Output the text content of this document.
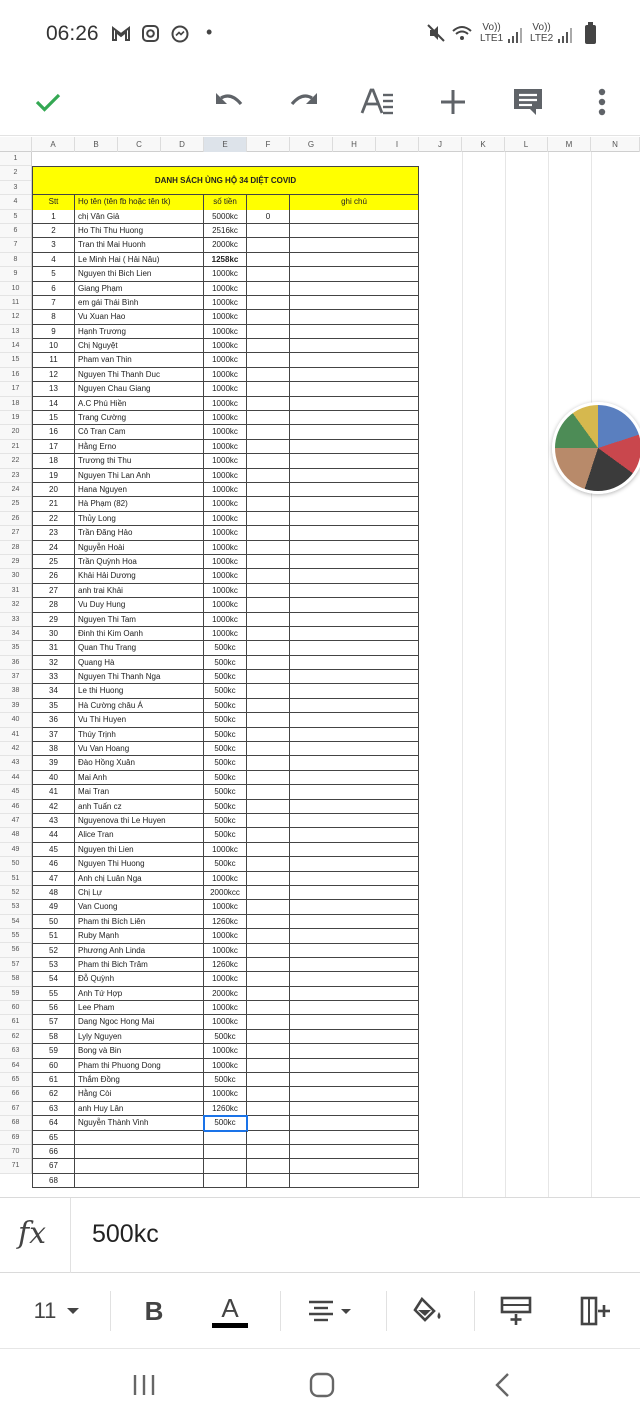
06:26	•	Vo))
LTE1
Vo))
LTE2
A	B	C	D	E	F	G	H	I	J	K	L	M	N
1
2
3
4
5
6
7
8
9
10
11
12
13
14
15
16
17
18
19
20
21
22
23
24
25
26
27
28
29
30
31
32
33
34
35
36
37
38
39
40
41
42
43
44
45
46
47
48
49
50
51
52
53
54
55
56
57
58
59
60
61
62
63
64
65
66
67
68
69
70
71
DANH SÁCH ỦNG HỘ 34 DIỆT COVID
Stt	Họ tên (tên fb hoặc tên tk)	số tiền	ghi chú
1	chị Vân Giả	5000kc	0
2	Ho Thi Thu Huong	2516kc
3	Tran thi Mai Huonh	2000kc
4	Le Minh Hai ( Hải Nâu)	1258kc
5	Nguyen thi Bich Lien	1000kc
6	Giang Phạm	1000kc
7	em gái Thái Bình	1000kc
8	Vu Xuan Hao	1000kc
9	Hạnh Trương	1000kc
10	Chị Nguyệt	1000kc
11	Pham van Thin	1000kc
12	Nguyen Thi Thanh Duc	1000kc
13	Nguyen Chau Giang	1000kc
14	A.C Phú Hiền	1000kc
15	Trang Cường	1000kc
16	Cô Tran Cam	1000kc
17	Hằng Ernо	1000kc
18	Trương thi Thu	1000kc
19	Nguyen Thi Lan Anh	1000kc
20	Hana Nguyen	1000kc
21	Hà Phạm (82)	1000kc
22	Thủy Long	1000kc
23	Trần Đăng Hảo	1000kc
24	Nguyễn Hoài	1000kc
25	Trần Quỳnh Hoa	1000kc
26	Khải Hải Dương	1000kc
27	anh trai Khải	1000kc
28	Vu Duy Hung	1000kc
29	Nguyen Thi Tam	1000kc
30	Đinh thi Kim Oanh	1000kc
31	Quan Thu Trang	500kc
32	Quang Hà	500kc
33	Nguyen Thi Thanh Nga	500kc
34	Le thi Huong	500kc
35	Hà Cường châu Á	500kc
36	Vu Thi Huyen	500kc
37	Thúy Trịnh	500kc
38	Vu Van Hoang	500kc
39	Đào Hồng Xuân	500kc
40	Mai Anh	500kc
41	Mai Tran	500kc
42	anh Tuấn cz	500kc
43	Nguyenova thi Le Huyen	500kc
44	Alice Tran	500kc
45	Nguyen thi Lien	1000kc
46	Nguyen Thi Huong	500kc
47	Anh chị Luân Nga	1000kc
48	Chị Lự	2000kcc
49	Van Cuong	1000kc
50	Pham thi Bích Liên	1260kc
51	Ruby Mạnh	1000kc
52	Phương Anh Linda	1000kc
53	Pham thi Bich Trâm	1260kc
54	Đỗ Quỳnh	1000kc
55	Anh Tứ Hợp	2000kc
56	Lee Pham	1000kc
57	Dang Ngoc Hong Mai	1000kc
58	Lyly Nguyen	500kc
59	Bong và Bin	1000kc
60	Pham thi Phuong Dong	1000kc
61	Thắm Đồng	500kc
62	Hằng Còi	1000kc
63	anh Huy Lân	1260kc
64	Nguyễn Thành Vinh	500kc
65
66
67
68
fx 500kc
11	B	A
